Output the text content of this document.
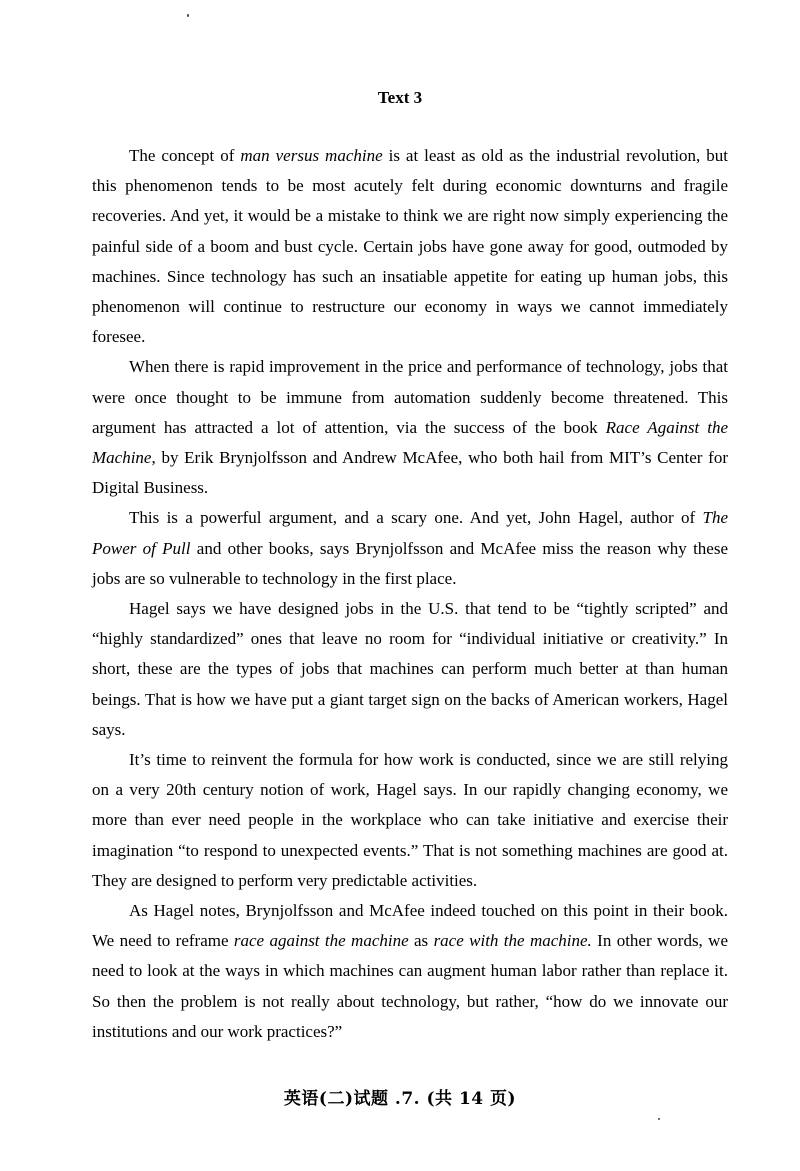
Text 3

The concept of man versus machine is at least as old as the industrial revolution, but this phenomenon tends to be most acutely felt during economic downturns and fragile recoveries. And yet, it would be a mistake to think we are right now simply experiencing the painful side of a boom and bust cycle. Certain jobs have gone away for good, outmoded by machines. Since technology has such an insatiable appetite for eating up human jobs, this phenomenon will continue to restructure our economy in ways we cannot immediately foresee.

When there is rapid improvement in the price and performance of technology, jobs that were once thought to be immune from automation suddenly become threatened. This argument has attracted a lot of attention, via the success of the book Race Against the Machine, by Erik Brynjolfsson and Andrew McAfee, who both hail from MIT’s Center for Digital Business.

This is a powerful argument, and a scary one. And yet, John Hagel, author of The Power of Pull and other books, says Brynjolfsson and McAfee miss the reason why these jobs are so vulnerable to technology in the first place.

Hagel says we have designed jobs in the U.S. that tend to be “tightly scripted” and “highly standardized” ones that leave no room for “individual initiative or creativity.” In short, these are the types of jobs that machines can perform much better at than human beings. That is how we have put a giant target sign on the backs of American workers, Hagel says.

It’s time to reinvent the formula for how work is conducted, since we are still relying on a very 20th century notion of work, Hagel says. In our rapidly changing economy, we more than ever need people in the workplace who can take initiative and exercise their imagination “to respond to unexpected events.” That is not something machines are good at. They are designed to perform very predictable activities.

As Hagel notes, Brynjolfsson and McAfee indeed touched on this point in their book. We need to reframe race against the machine as race with the machine. In other words, we need to look at the ways in which machines can augment human labor rather than replace it. So then the problem is not really about technology, but rather, “how do we innovate our institutions and our work practices?”

英语(二)试题 .7. (共 14 页)
